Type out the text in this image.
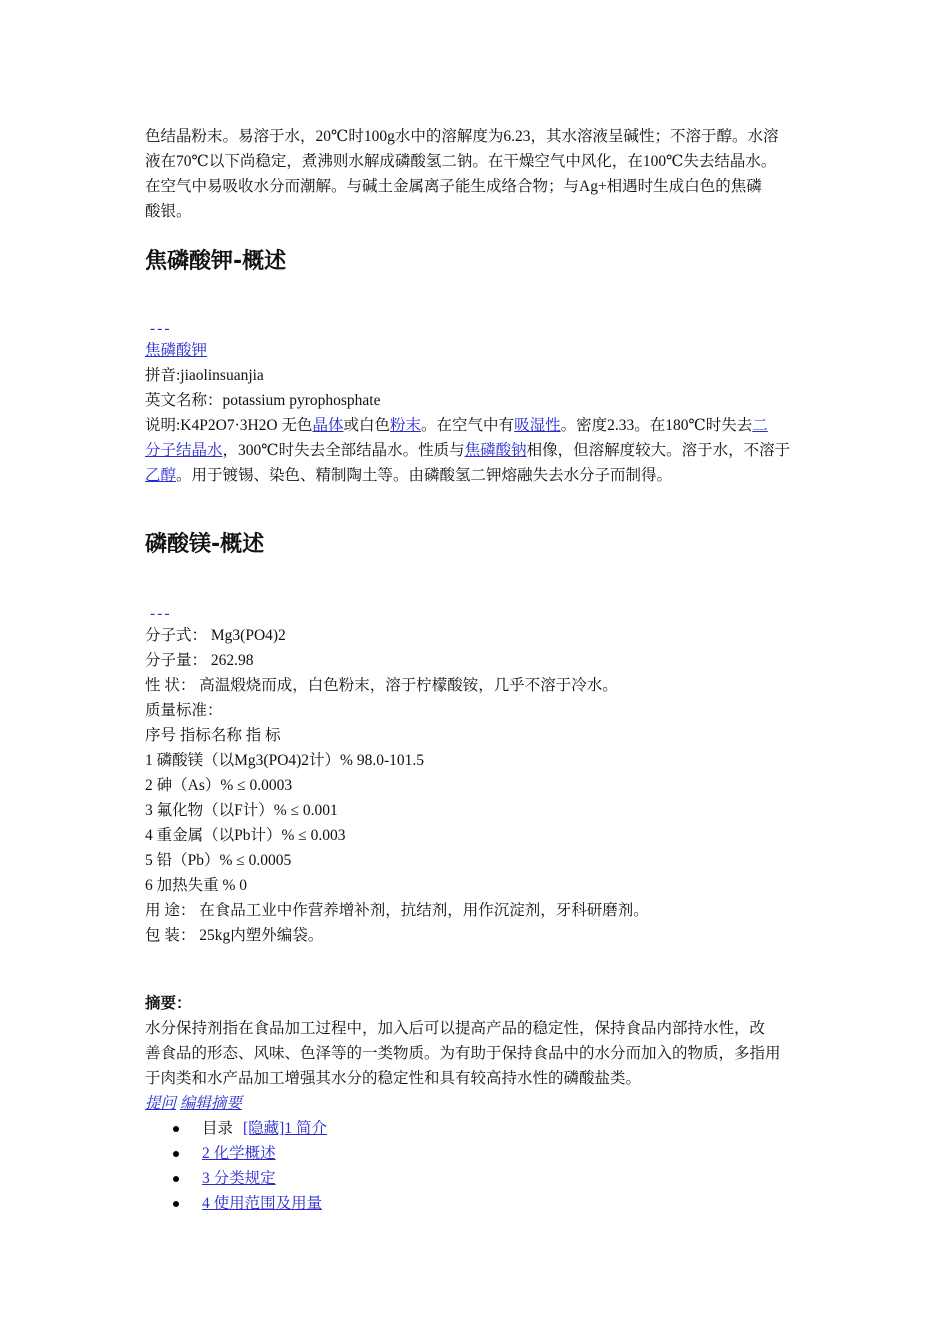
色结晶粉末。易溶于水，20℃时100g水中的溶解度为6.23，其水溶液呈碱性；不溶于醇。水溶
液在70℃以下尚稳定，煮沸则水解成磷酸氢二钠。在干燥空气中风化，在100℃失去结晶水。
在空气中易吸收水分而潮解。与碱土金属离子能生成络合物；与Ag+相遇时生成白色的焦磷
酸银。
焦磷酸钾-概述
---
焦磷酸钾
拼音:jiaolinsuanjia
英文名称：potassium pyrophosphate
说明:K4P2O7·3H2O 无色晶体或白色粉末。在空气中有吸湿性。密度2.33。在180℃时失去二
分子结晶水，300℃时失去全部结晶水。性质与焦磷酸钠相像，但溶解度较大。溶于水，不溶于
乙醇。用于镀锡、染色、精制陶土等。由磷酸氢二钾熔融失去水分子而制得。
磷酸镁-概述
---
分子式： Mg3(PO4)2
分子量： 262.98
性 状： 高温煅烧而成，白色粉末，溶于柠檬酸铵，几乎不溶于冷水。
质量标准：
序号 指标名称 指 标
1 磷酸镁（以Mg3(PO4)2计）% 98.0-101.5
2 砷（As）% ≤ 0.0003
3 氟化物（以F计）% ≤ 0.001
4 重金属（以Pb计）% ≤ 0.003
5 铅（Pb）% ≤ 0.0005
6 加热失重 % 0
用 途： 在食品工业中作营养增补剂，抗结剂，用作沉淀剂，牙科研磨剂。
包 装： 25kg内塑外编袋。
摘要：
水分保持剂指在食品加工过程中，加入后可以提高产品的稳定性，保持食品内部持水性，改
善食品的形态、风味、色泽等的一类物质。为有助于保持食品中的水分而加入的物质，多指用
于肉类和水产品加工增强其水分的稳定性和具有较高持水性的磷酸盐类。
提问 编辑摘要
目录 [隐藏]1 简介
2 化学概述
3 分类规定
4 使用范围及用量
